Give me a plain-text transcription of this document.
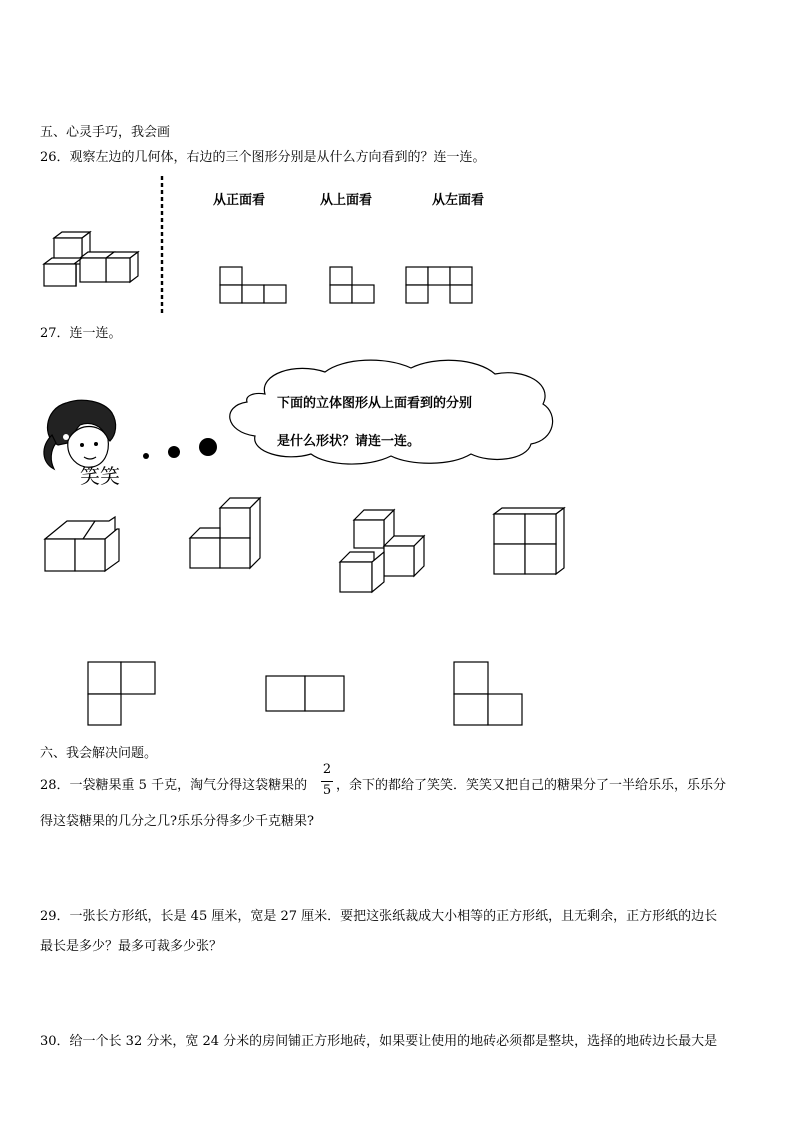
五、心灵手巧，我会画
26．观察左边的几何体，右边的三个图形分别是从什么方向看到的？连一连。
从正面看	从上面看	从左面看
27．连一连。
笑笑
下面的立体图形从上面看到的分别
是什么形状？请连一连。
六、我会解决问题。
28．一袋糖果重 5 千克，淘气分得这袋糖果的
2
5 ，余下的都给了笑笑．笑笑又把自己的糖果分了一半给乐乐，乐乐分
得这袋糖果的几分之几?乐乐分得多少千克糖果?
29．一张长方形纸，长是 45 厘米，宽是 27 厘米．要把这张纸裁成大小相等的正方形纸，且无剩余，正方形纸的边长
最长是多少？最多可裁多少张？
30．给一个长 32 分米，宽 24 分米的房间铺正方形地砖，如果要让使用的地砖必须都是整块，选择的地砖边长最大是
